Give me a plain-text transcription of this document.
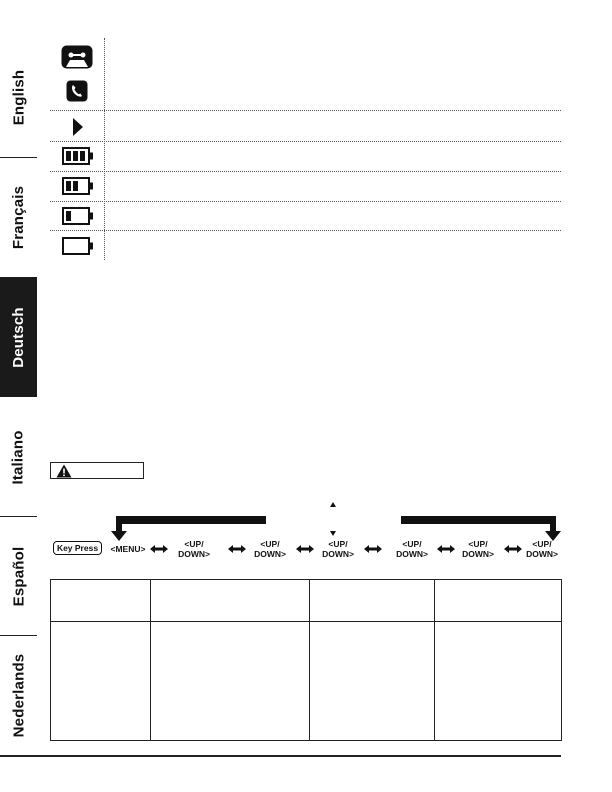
English
Français
Deutsch
Italiano
Español
Nederlands
Key Press	<MENU>	<UP/
DOWN>
<UP/
DOWN>
<UP/
DOWN>
<UP/
DOWN>
<UP/
DOWN>
<UP/
DOWN>
